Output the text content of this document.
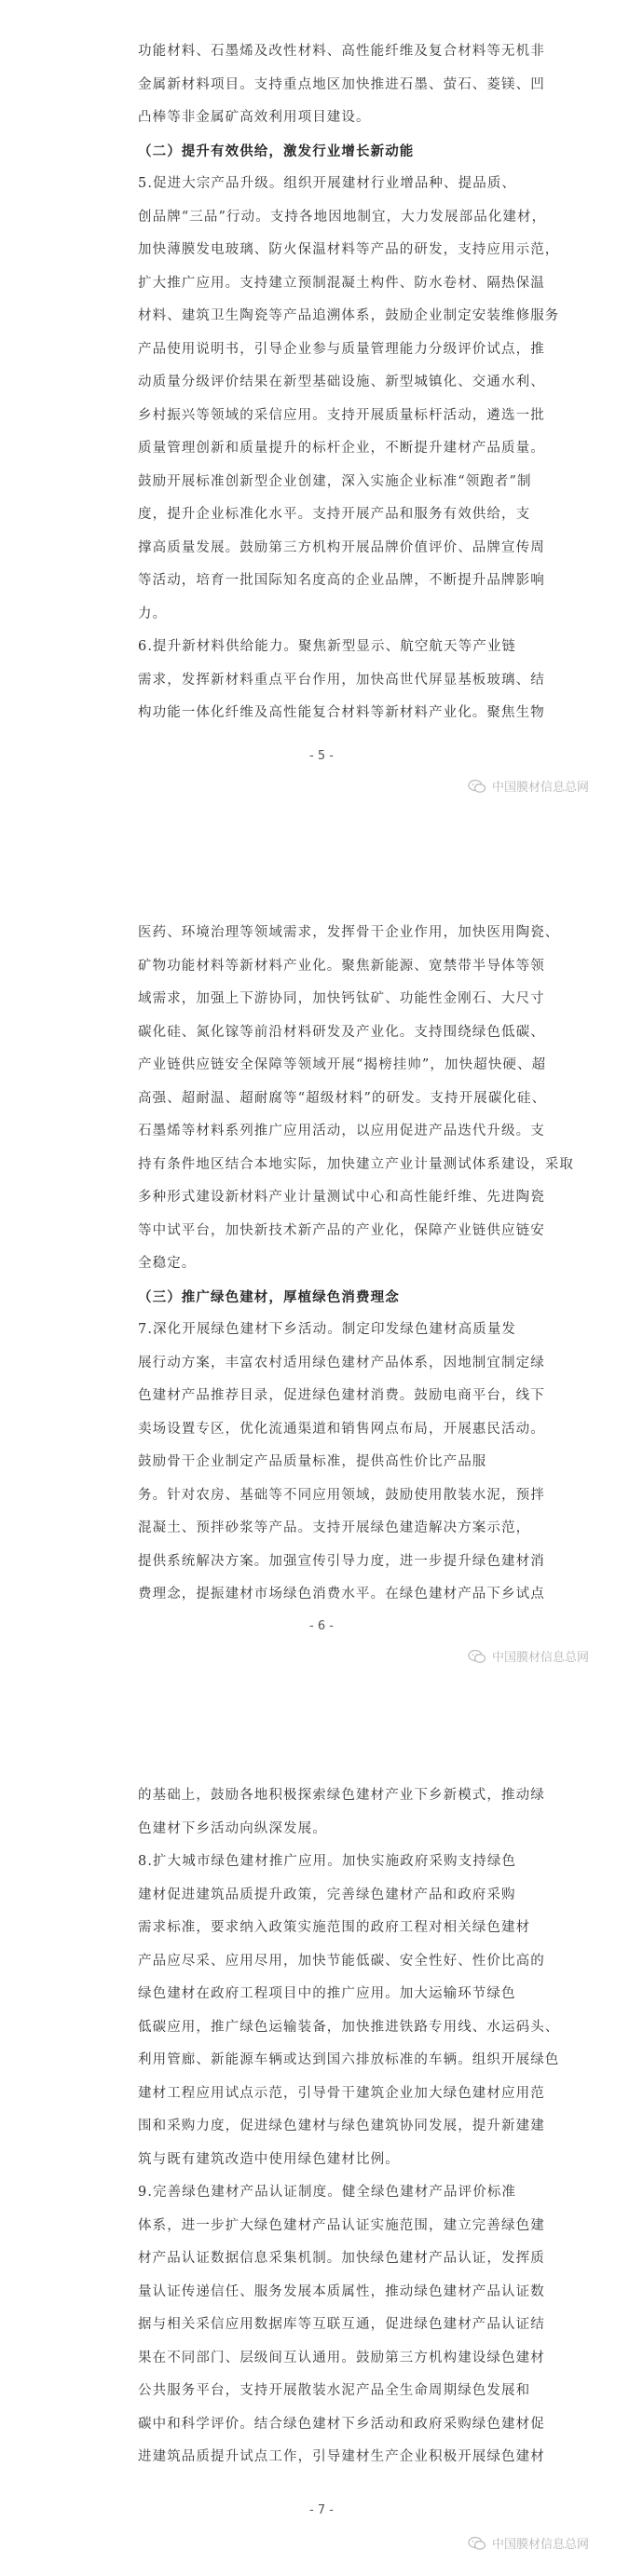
功能材料、石墨烯及改性材料、高性能纤维及复合材料等无机非

金属新材料项目。支持重点地区加快推进石墨、萤石、菱镁、凹

凸棒等非金属矿高效利用项目建设。

（二）提升有效供给，激发行业增长新动能

5.促进大宗产品升级。组织开展建材行业增品种、提品质、

创品牌“三品”行动。支持各地因地制宜，大力发展部品化建材，

加快薄膜发电玻璃、防火保温材料等产品的研发，支持应用示范，

扩大推广应用。支持建立预制混凝土构件、防水卷材、隔热保温

材料、建筑卫生陶瓷等产品追溯体系，鼓励企业制定安装维修服务

产品使用说明书，引导企业参与质量管理能力分级评价试点，推

动质量分级评价结果在新型基础设施、新型城镇化、交通水利、

乡村振兴等领域的采信应用。支持开展质量标杆活动，遴选一批

质量管理创新和质量提升的标杆企业，不断提升建材产品质量。

鼓励开展标准创新型企业创建，深入实施企业标准“领跑者”制

度，提升企业标准化水平。支持开展产品和服务有效供给，支

撑高质量发展。鼓励第三方机构开展品牌价值评价、品牌宣传周

等活动，培育一批国际知名度高的企业品牌，不断提升品牌影响

力。

6.提升新材料供给能力。聚焦新型显示、航空航天等产业链

需求，发挥新材料重点平台作用，加快高世代屏显基板玻璃、结

构功能一体化纤维及高性能复合材料等新材料产业化。聚焦生物

- 5 -
中国膜材信息总网

医药、环境治理等领域需求，发挥骨干企业作用，加快医用陶瓷、

矿物功能材料等新材料产业化。聚焦新能源、宽禁带半导体等领

域需求，加强上下游协同，加快钙钛矿、功能性金刚石、大尺寸

碳化硅、氮化镓等前沿材料研发及产业化。支持围绕绿色低碳、

产业链供应链安全保障等领域开展“揭榜挂帅”，加快超快硬、超

高强、超耐温、超耐腐等“超级材料”的研发。支持开展碳化硅、

石墨烯等材料系列推广应用活动，以应用促进产品迭代升级。支

持有条件地区结合本地实际，加快建立产业计量测试体系建设，采取

多种形式建设新材料产业计量测试中心和高性能纤维、先进陶瓷

等中试平台，加快新技术新产品的产业化，保障产业链供应链安

全稳定。

（三）推广绿色建材，厚植绿色消费理念

7.深化开展绿色建材下乡活动。制定印发绿色建材高质量发

展行动方案，丰富农村适用绿色建材产品体系，因地制宜制定绿

色建材产品推荐目录，促进绿色建材消费。鼓励电商平台，线下

卖场设置专区，优化流通渠道和销售网点布局，开展惠民活动。

鼓励骨干企业制定产品质量标准，提供高性价比产品服

务。针对农房、基础等不同应用领域，鼓励使用散装水泥，预拌

混凝土、预拌砂浆等产品。支持开展绿色建造解决方案示范，

提供系统解决方案。加强宣传引导力度，进一步提升绿色建材消

费理念，提振建材市场绿色消费水平。在绿色建材产品下乡试点

- 6 -
中国膜材信息总网

的基础上，鼓励各地积极探索绿色建材产业下乡新模式，推动绿

色建材下乡活动向纵深发展。

8.扩大城市绿色建材推广应用。加快实施政府采购支持绿色

建材促进建筑品质提升政策，完善绿色建材产品和政府采购

需求标准，要求纳入政策实施范围的政府工程对相关绿色建材

产品应尽采、应用尽用，加快节能低碳、安全性好、性价比高的

绿色建材在政府工程项目中的推广应用。加大运输环节绿色

低碳应用，推广绿色运输装备，加快推进铁路专用线、水运码头、

利用管廊、新能源车辆或达到国六排放标准的车辆。组织开展绿色

建材工程应用试点示范，引导骨干建筑企业加大绿色建材应用范

围和采购力度，促进绿色建材与绿色建筑协同发展，提升新建建

筑与既有建筑改造中使用绿色建材比例。

9.完善绿色建材产品认证制度。健全绿色建材产品评价标准

体系，进一步扩大绿色建材产品认证实施范围，建立完善绿色建

材产品认证数据信息采集机制。加快绿色建材产品认证，发挥质

量认证传递信任、服务发展本质属性，推动绿色建材产品认证数

据与相关采信应用数据库等互联互通，促进绿色建材产品认证结

果在不同部门、层级间互认通用。鼓励第三方机构建设绿色建材

公共服务平台，支持开展散装水泥产品全生命周期绿色发展和

碳中和科学评价。结合绿色建材下乡活动和政府采购绿色建材促

进建筑品质提升试点工作，引导建材生产企业积极开展绿色建材

- 7 -
中国膜材信息总网
